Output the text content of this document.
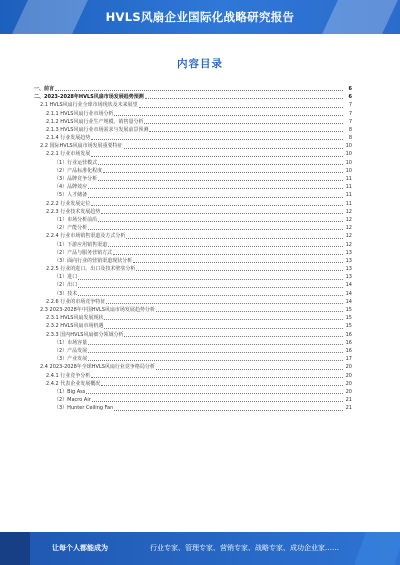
HVLS风扇企业国际化战略研究报告
内容目录
一、前言	6
二、2023-2028年HVLS风扇市场发展趋势预测	6
2.1 HVLS风扇行业全球市场现状及未来展望	7
2.1.1 HVLS风扇行业市场分析	7
2.1.2 HVLS风扇行业生产规模、销售量分析	7
2.1.3 HVLS风扇行业市场需求与发展前景预测	8
2.1.4 行业发展趋势	8
2.2 国际HVLS风扇市场发展重要特征	10
2.2.1 行业市场发展	10
（1）行业运营模式	10
（2）产品标准化程度	10
（3）品牌竞争分析	11
（4）品牌效应	11
（5）人才储备	11
2.2.2 行业发展定位	11
2.2.3 行业技术发展趋势	12
（1）市场分析前沿	12
（2）产能分析	12
2.2.4 行业市场销售渠道及方式分析	12
（1）下游应用销售渠道	12
（2）产品与服务营销方式	13
（3）面向行业的营销渠道现状分析	13
2.2.5 行业的进口、出口及技术壁垒分析	13
（1）进口	13
（2）出口	14
（3）技术	14
2.2.6 行业的市场竞争特征	14
2.3 2023-2028年中国HVLS风扇市场发展趋势分析	15
2.3.1 HVLS风扇发展现状	15
2.3.2 HVLS风扇市场机遇	15
2.3.3 国内HVLS风扇细分领域分析	16
（1）市场容量	16
（2）产品发展	16
（3）产业发展	17
2.4 2023-2028年全球HVLS风扇行业竞争格局分析	20
2.4.1 行业竞争分析	20
2.4.2 代表企业发展概况	20
（1）Big Ass	20
（2）Macro Air	21
（3）Hunter Ceiling Fan	21
让每个人都能成为	行业专家、管理专家、营销专家、战略专家、成功企业家……
